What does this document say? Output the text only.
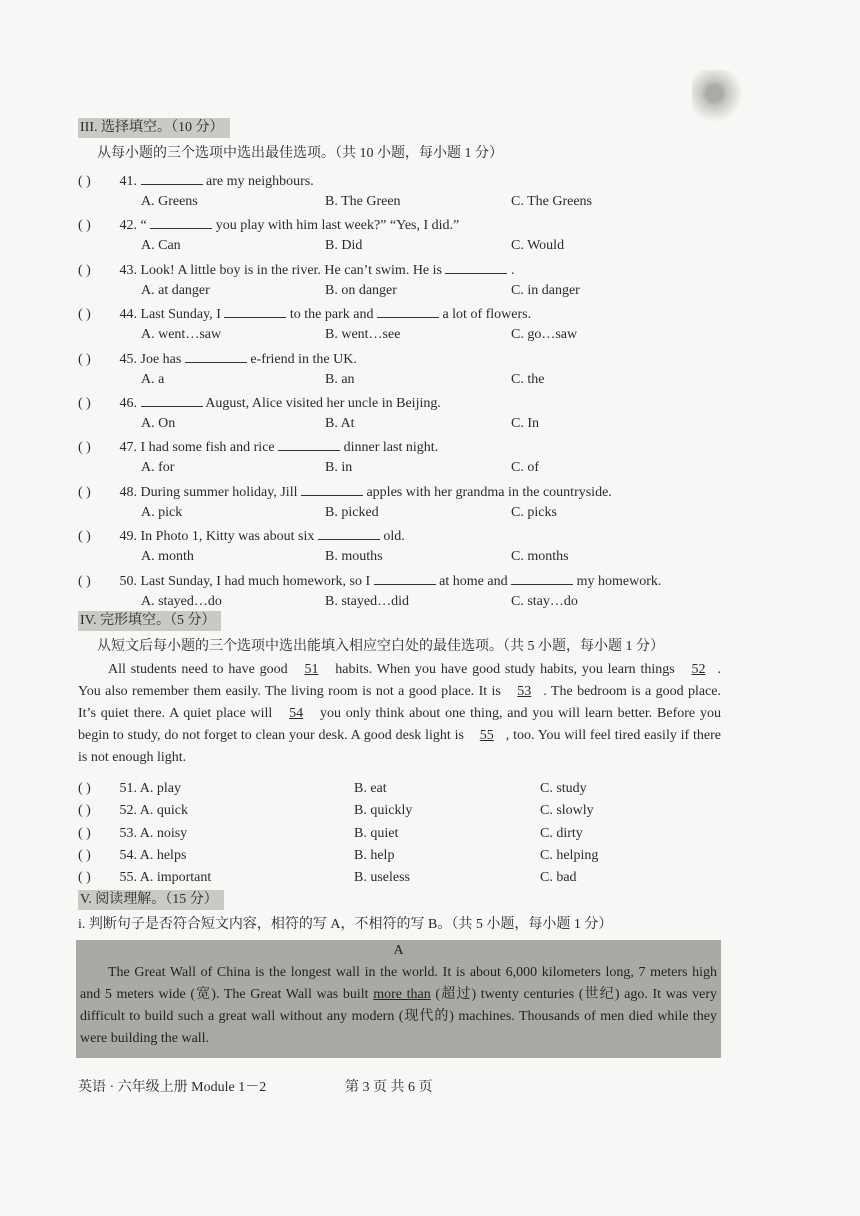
III. 选择填空。（10 分）
从每小题的三个选项中选出最佳选项。（共 10 小题，每小题 1 分）
( ) 41.	are my neighbours.
A. Greens	B. The Green	C. The Greens
( ) 42. “	you play with him last week?” “Yes, I did.”
A. Can	B. Did	C. Would
( ) 43. Look! A little boy is in the river. He can’t swim. He is	.
A. at danger	B. on danger	C. in danger
( ) 44. Last Sunday, I	to the park and	a lot of flowers.
A. went…saw	B. went…see	C. go…saw
( ) 45. Joe has	e-friend in the UK.
A. a	B. an	C. the
( ) 46.	August, Alice visited her uncle in Beijing.
A. On	B. At	C. In
( ) 47. I had some fish and rice	dinner last night.
A. for	B. in	C. of
( ) 48. During summer holiday, Jill	apples with her grandma in the countryside.
A. pick	B. picked	C. picks
( ) 49. In Photo 1, Kitty was about six	old.
A. month	B. mouths	C. months
( ) 50. Last Sunday, I had much homework, so I	at home and	my homework.
A. stayed…do	B. stayed…did	C. stay…do
IV. 完形填空。（5 分）
从短文后每小题的三个选项中选出能填入相应空白处的最佳选项。（共 5 小题，每小题 1 分）
All students need to have good 51 habits. When you have good study habits, you learn things 52 . You also remember them easily. The living room is not a good place. It is 53 . The bedroom is a good place. It’s quiet there. A quiet place will 54 you only think about one thing, and you will learn better. Before you begin to study, do not forget to clean your desk. A good desk light is 55 , too. You will feel tired easily if there is not enough light.
( ) 51. A. play	B. eat	C. study
( ) 52. A. quick	B. quickly	C. slowly
( ) 53. A. noisy	B. quiet	C. dirty
( ) 54. A. helps	B. help	C. helping
( ) 55. A. important	B. useless	C. bad
V. 阅读理解。（15 分）
i. 判断句子是否符合短文内容，相符的写 A，不相符的写 B。（共 5 小题，每小题 1 分）
A
The Great Wall of China is the longest wall in the world. It is about 6,000 kilometers long, 7 meters high and 5 meters wide (宽). The Great Wall was built more than (超过) twenty centuries (世纪) ago. It was very difficult to build such a great wall without any modern (现代的) machines. Thousands of men died while they were building the wall.
英语 · 六年级上册 Module 1－2	第 3 页 共 6 页
